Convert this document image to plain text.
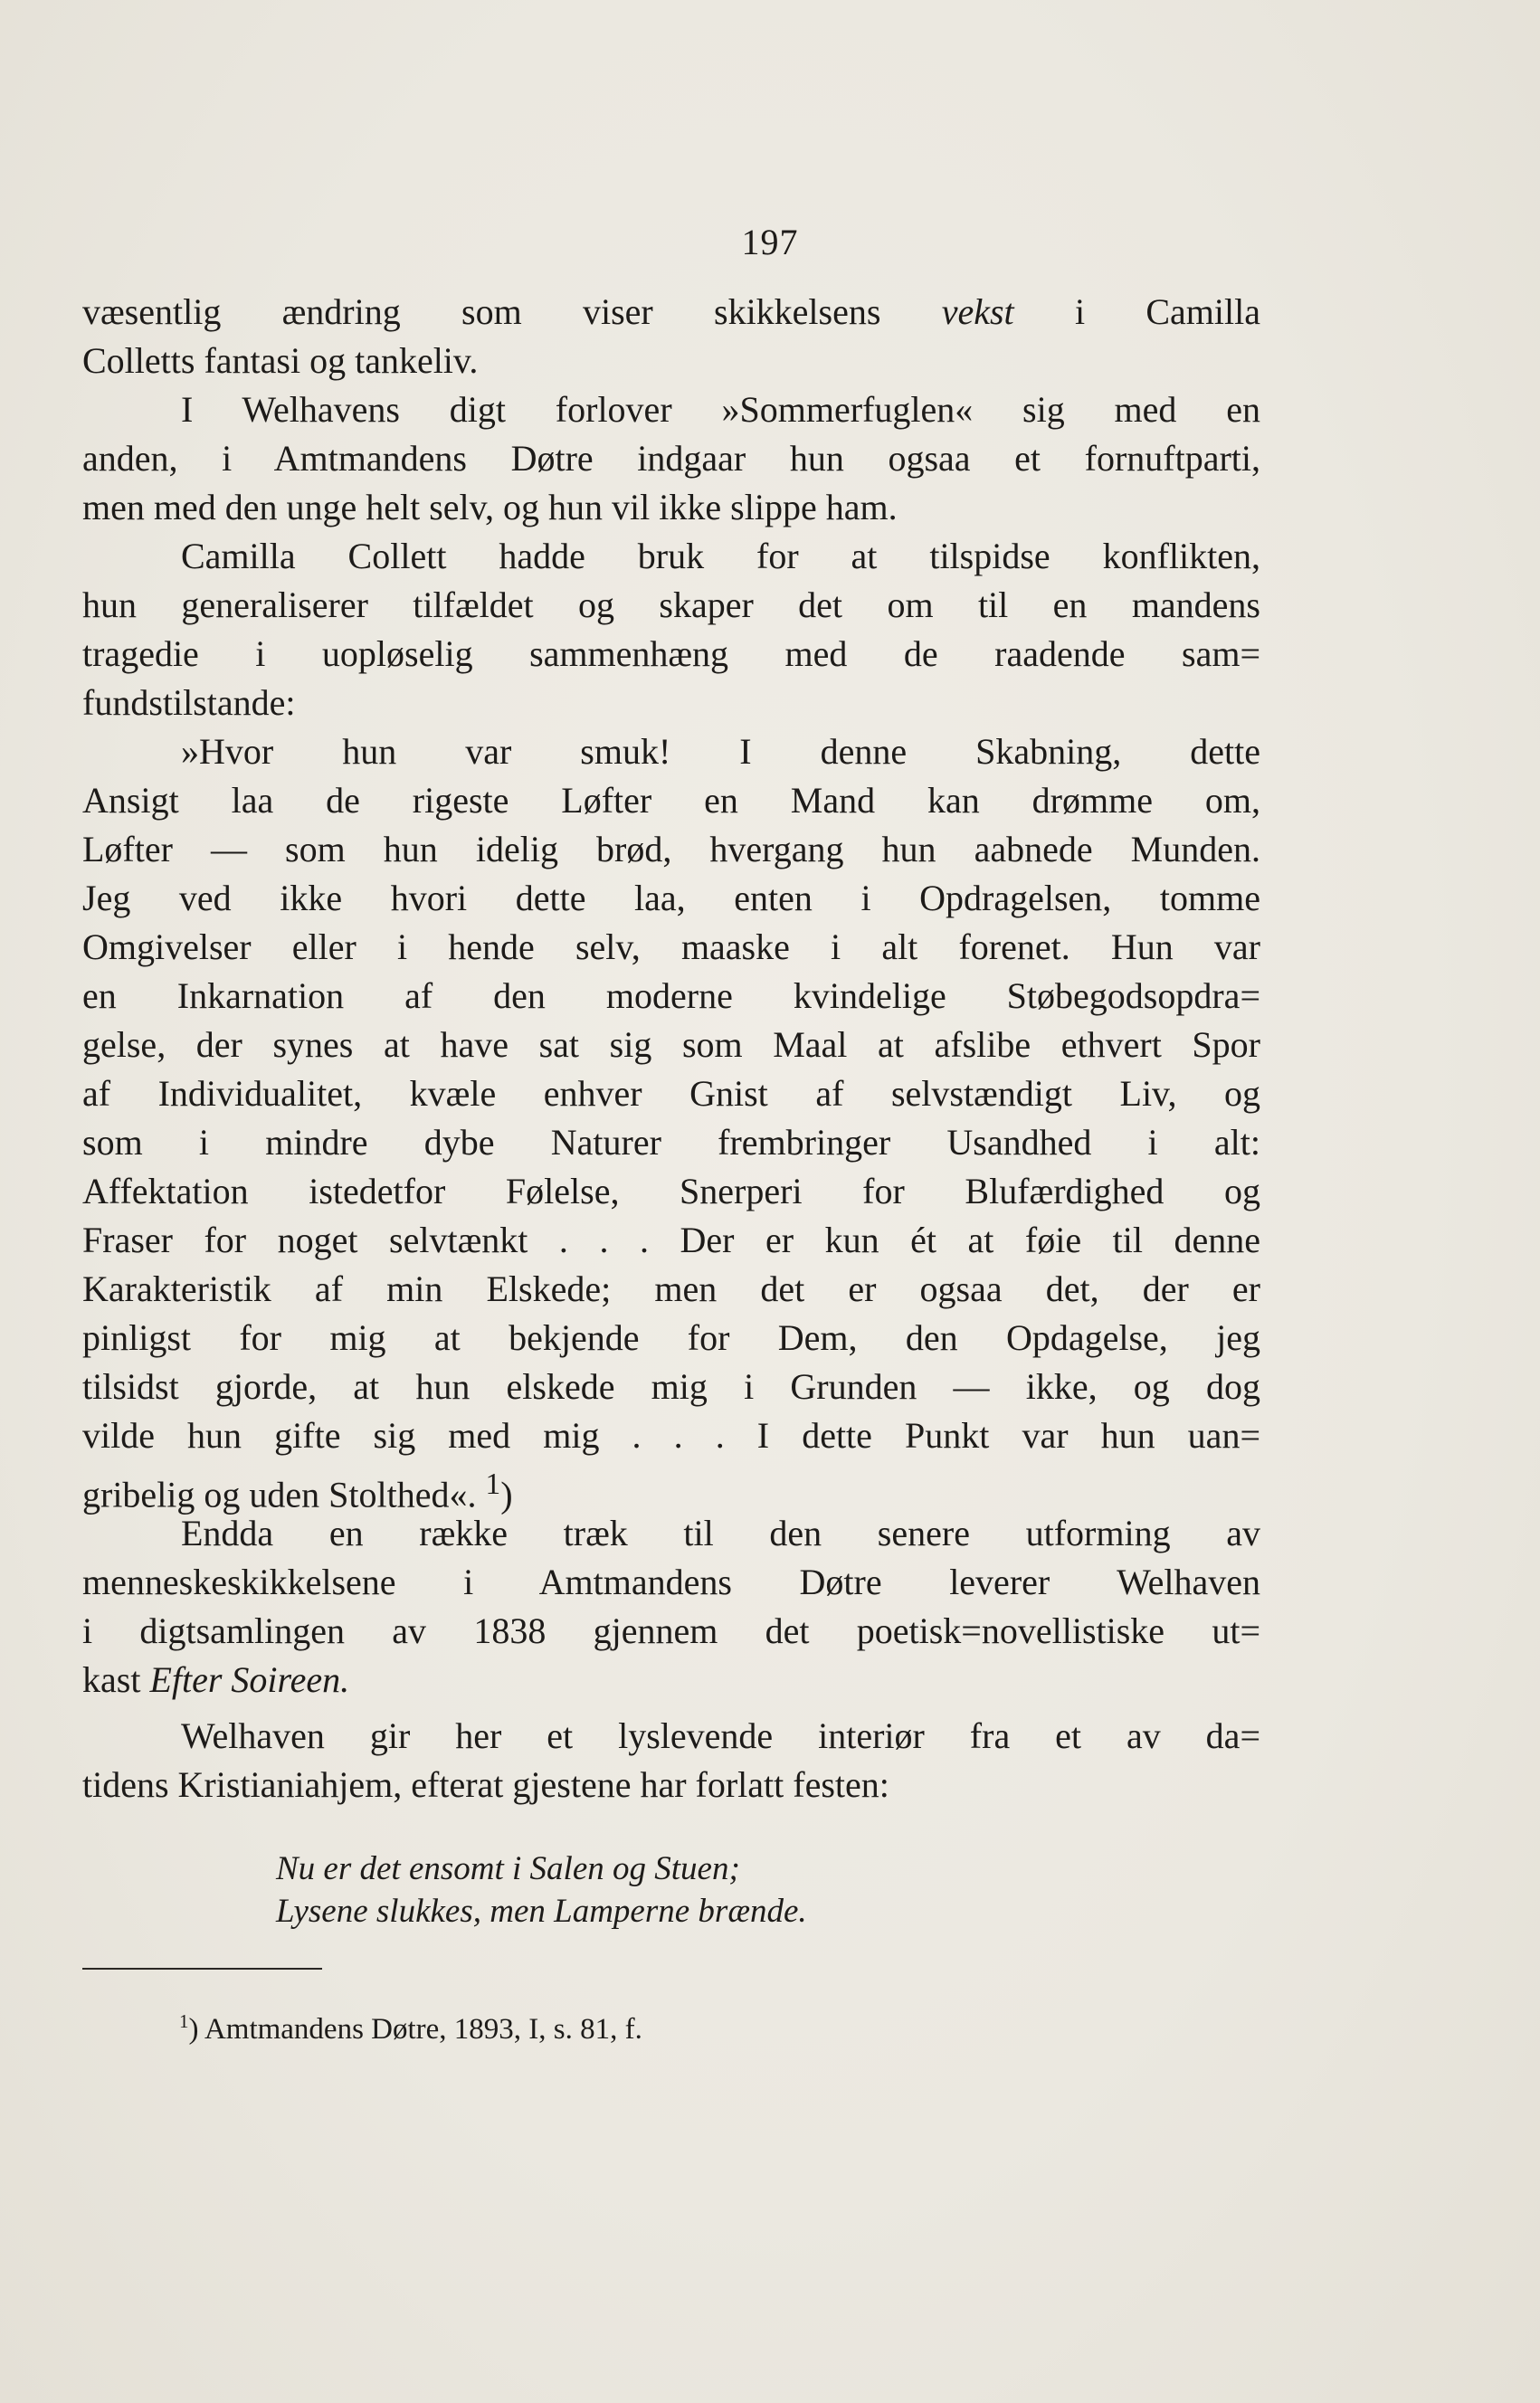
197
væsentlig ændring som viser skikkelsens vekst i Camilla
Colletts fantasi og tankeliv.
I Welhavens digt forlover »Sommerfuglen« sig med en
anden, i Amtmandens Døtre indgaar hun ogsaa et fornuftparti,
men med den unge helt selv, og hun vil ikke slippe ham.
Camilla Collett hadde bruk for at tilspidse konflikten,
hun generaliserer tilfældet og skaper det om til en mandens
tragedie i uopløselig sammenhæng med de raadende sam=
fundstilstande:
»Hvor hun var smuk! I denne Skabning, dette
Ansigt laa de rigeste Løfter en Mand kan drømme om,
Løfter — som hun idelig brød, hvergang hun aabnede Munden.
Jeg ved ikke hvori dette laa, enten i Opdragelsen, tomme
Omgivelser eller i hende selv, maaske i alt forenet. Hun var
en Inkarnation af den moderne kvindelige Støbegodsopdra=
gelse, der synes at have sat sig som Maal at afslibe ethvert Spor
af Individualitet, kvæle enhver Gnist af selvstændigt Liv, og
som i mindre dybe Naturer frembringer Usandhed i alt:
Affektation istedetfor Følelse, Snerperi for Blufærdighed og
Fraser for noget selvtænkt . . . Der er kun ét at føie til denne
Karakteristik af min Elskede; men det er ogsaa det, der er
pinligst for mig at bekjende for Dem, den Opdagelse, jeg
tilsidst gjorde, at hun elskede mig i Grunden — ikke, og dog
vilde hun gifte sig med mig . . . I dette Punkt var hun uan=
gribelig og uden Stolthed«. $^1$)
Endda en række træk til den senere utforming av
menneskeskikkelsene i Amtmandens Døtre leverer Welhaven
i digtsamlingen av 1838 gjennem det poetisk=novellistiske ut=
kast Efter Soireen.
Welhaven gir her et lyslevende interiør fra et av da=
tidens Kristianiahjem, efterat gjestene har forlatt festen:
Nu er det ensomt i Salen og Stuen;
Lysene slukkes, men Lamperne brænde.
$^1$) Amtmandens Døtre, 1893, I, s. 81, f.
